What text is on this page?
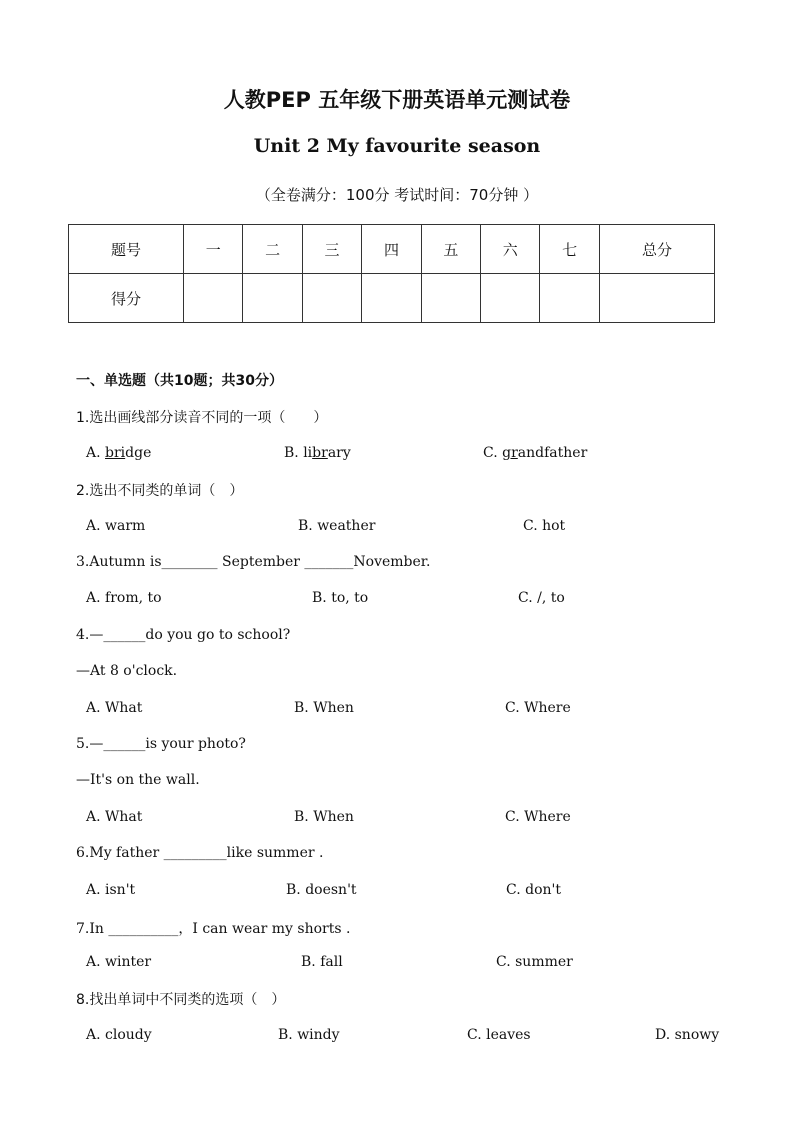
人教PEP 五年级下册英语单元测试卷
Unit 2 My favourite season
（全卷满分：100分 考试时间：70分钟 ）
题号	一	二	三	四	五	六	七	总分
得分								
一、单选题（共10题；共30分）
1.选出画线部分读音不同的一项（　　）
A. bridge	B. library	C. grandfather
2.选出不同类的单词（　）
A. warm	B. weather	C. hot
3.Autumn is________ September _______November.
A. from, to	B. to, to	C. /, to
4.—______do you go to school?
—At 8 o'clock.
A. What	B. When	C. Where
5.—______is your photo?
—It's on the wall.
A. What	B. When	C. Where
6.My father _________like summer .
A. isn't	B. doesn't	C. don't
7.In __________，I can wear my shorts .
A. winter	B. fall	C. summer
8.找出单词中不同类的选项（　）
A. cloudy	B. windy	C. leaves	D. snowy
